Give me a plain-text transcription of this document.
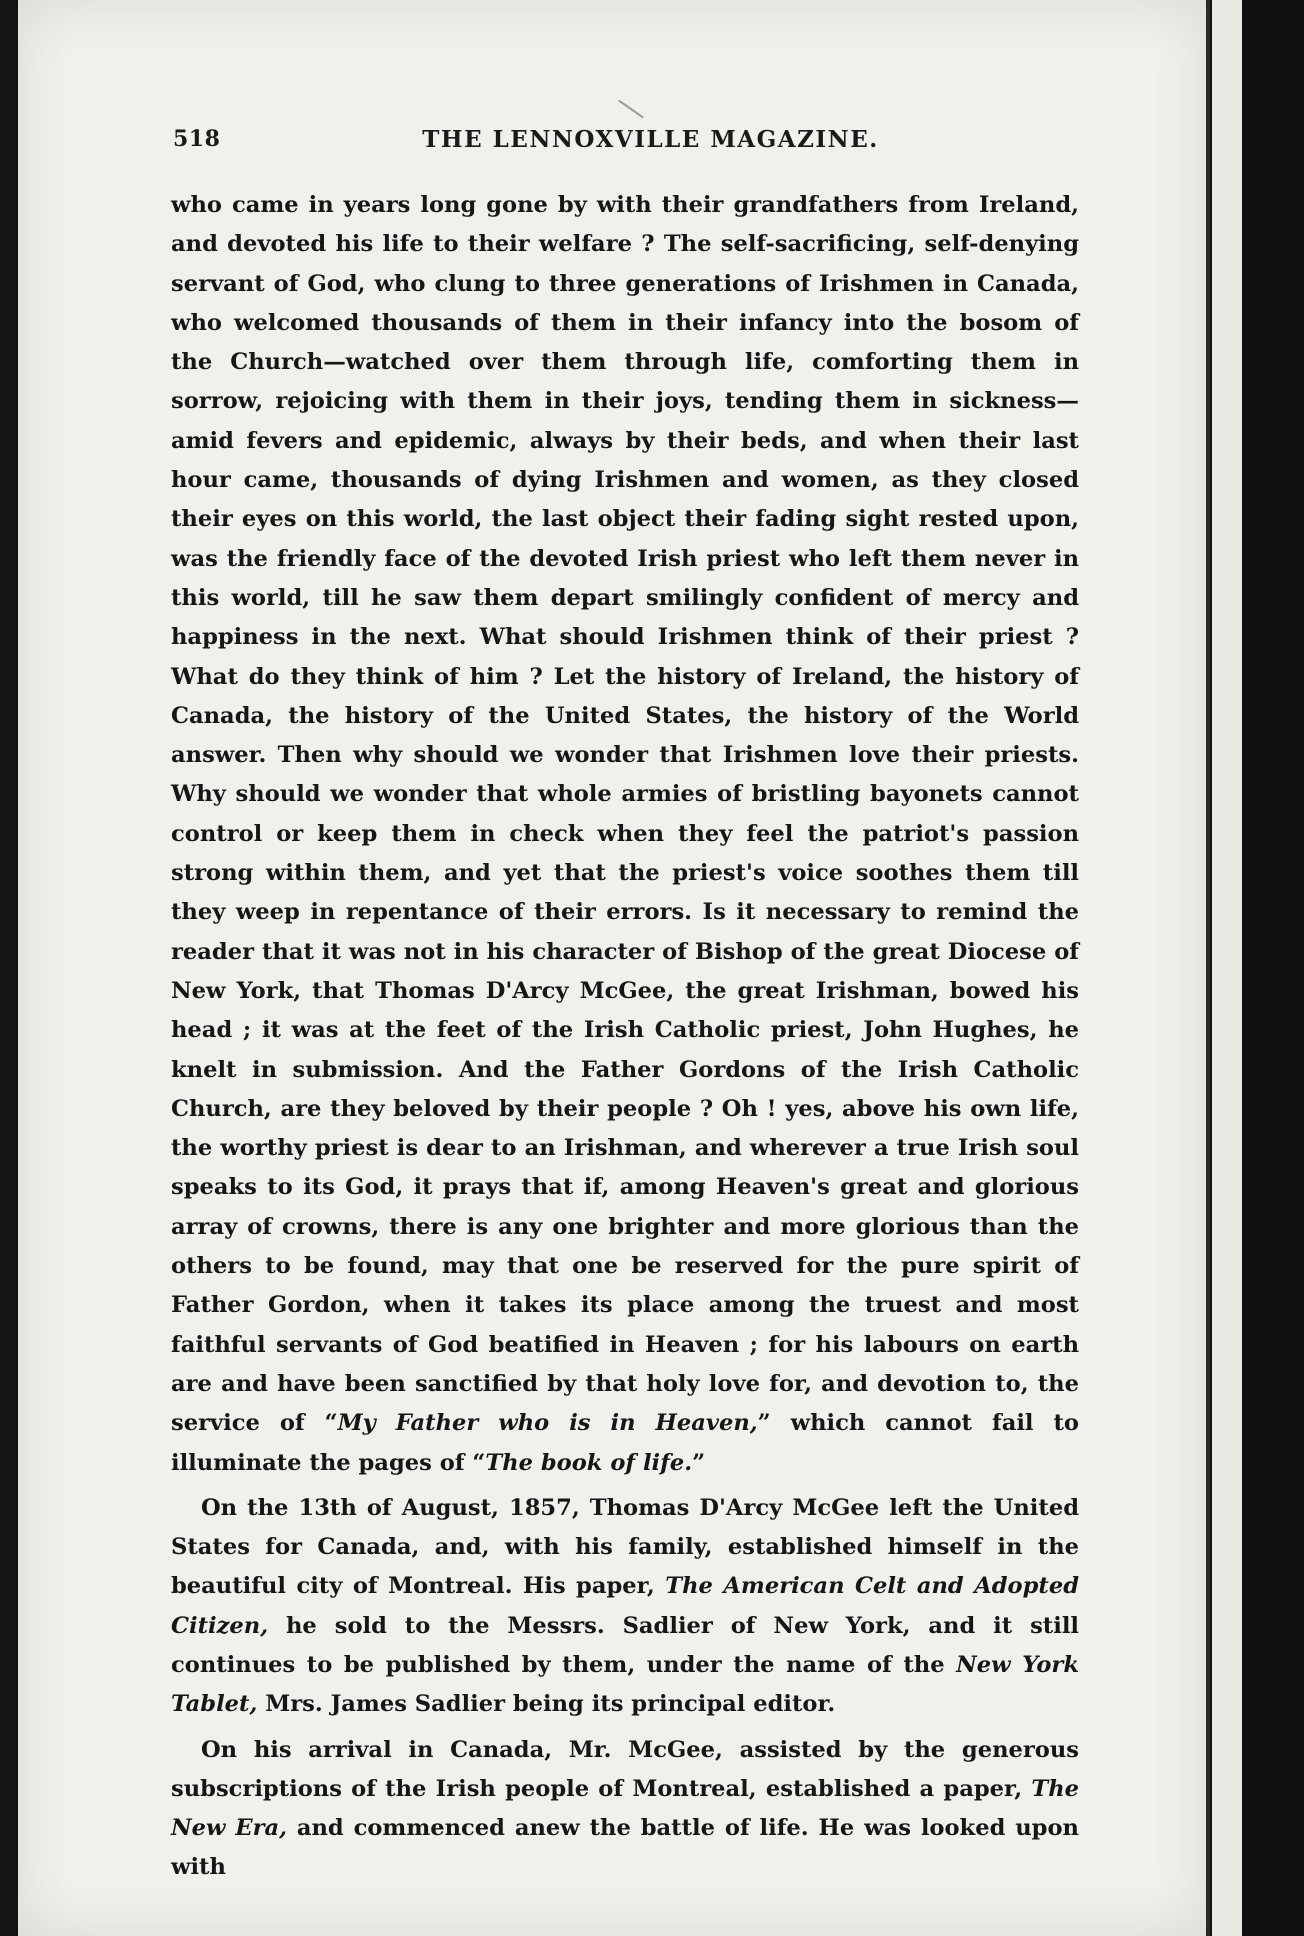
518	THE LENNOXVILLE MAGAZINE.

who came in years long gone by with their grandfathers from Ireland, and devoted his life to their welfare ? The self-sacrificing, self-denying servant of God, who clung to three generations of Irishmen in Canada, who welcomed thousands of them in their infancy into the bosom of the Church—watched over them through life, comforting them in sorrow, rejoicing with them in their joys, tending them in sickness—amid fevers and epidemic, always by their beds, and when their last hour came, thousands of dying Irishmen and women, as they closed their eyes on this world, the last object their fading sight rested upon, was the friendly face of the devoted Irish priest who left them never in this world, till he saw them depart smilingly confident of mercy and happiness in the next. What should Irishmen think of their priest ? What do they think of him ? Let the history of Ireland, the history of Canada, the history of the United States, the history of the World answer. Then why should we wonder that Irishmen love their priests. Why should we wonder that whole armies of bristling bayonets cannot control or keep them in check when they feel the patriot's passion strong within them, and yet that the priest's voice soothes them till they weep in repentance of their errors. Is it necessary to remind the reader that it was not in his character of Bishop of the great Diocese of New York, that Thomas D'Arcy McGee, the great Irishman, bowed his head ; it was at the feet of the Irish Catholic priest, John Hughes, he knelt in submission. And the Father Gordons of the Irish Catholic Church, are they beloved by their people ? Oh ! yes, above his own life, the worthy priest is dear to an Irishman, and wherever a true Irish soul speaks to its God, it prays that if, among Heaven's great and glorious array of crowns, there is any one brighter and more glorious than the others to be found, may that one be reserved for the pure spirit of Father Gordon, when it takes its place among the truest and most faithful servants of God beatified in Heaven ; for his labours on earth are and have been sanctified by that holy love for, and devotion to, the service of “My Father who is in Heaven,” which cannot fail to illuminate the pages of “The book of life.”

On the 13th of August, 1857, Thomas D'Arcy McGee left the United States for Canada, and, with his family, established himself in the beautiful city of Montreal. His paper, The American Celt and Adopted Citizen, he sold to the Messrs. Sadlier of New York, and it still continues to be published by them, under the name of the New York Tablet, Mrs. James Sadlier being its principal editor.

On his arrival in Canada, Mr. McGee, assisted by the generous subscriptions of the Irish people of Montreal, established a paper, The New Era, and commenced anew the battle of life. He was looked upon with
